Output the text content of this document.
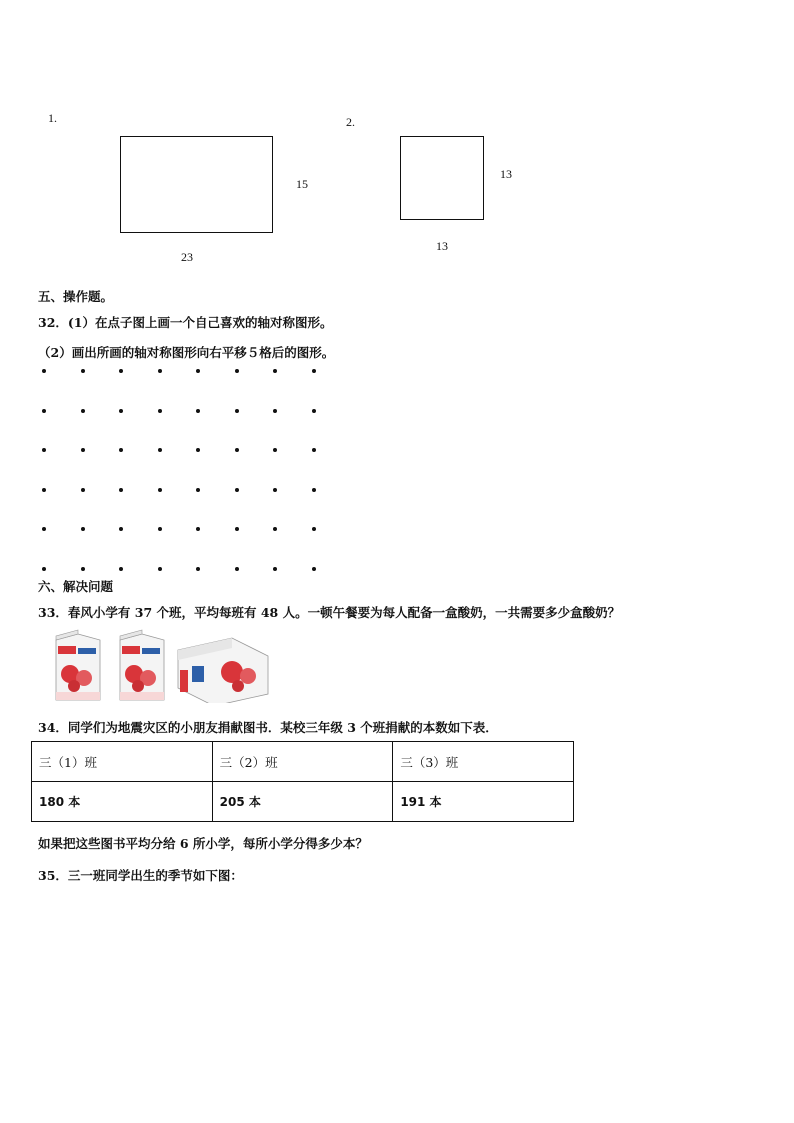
1.
15
23
2.
13
13
五、操作题。
32．(1）在点子图上画一个自己喜欢的轴对称图形。
（2）画出所画的轴对称图形向右平移５格后的图形。
六、解决问题
33．春风小学有 37 个班，平均每班有 48 人。一顿午餐要为每人配备一盒酸奶，一共需要多少盒酸奶？
34．同学们为地震灾区的小朋友捐献图书．某校三年级 3 个班捐献的本数如下表．
三（1）班	三（2）班	三（3）班
180 本	205 本	191 本
如果把这些图书平均分给 6 所小学，每所小学分得多少本？
35．三一班同学出生的季节如下图：
